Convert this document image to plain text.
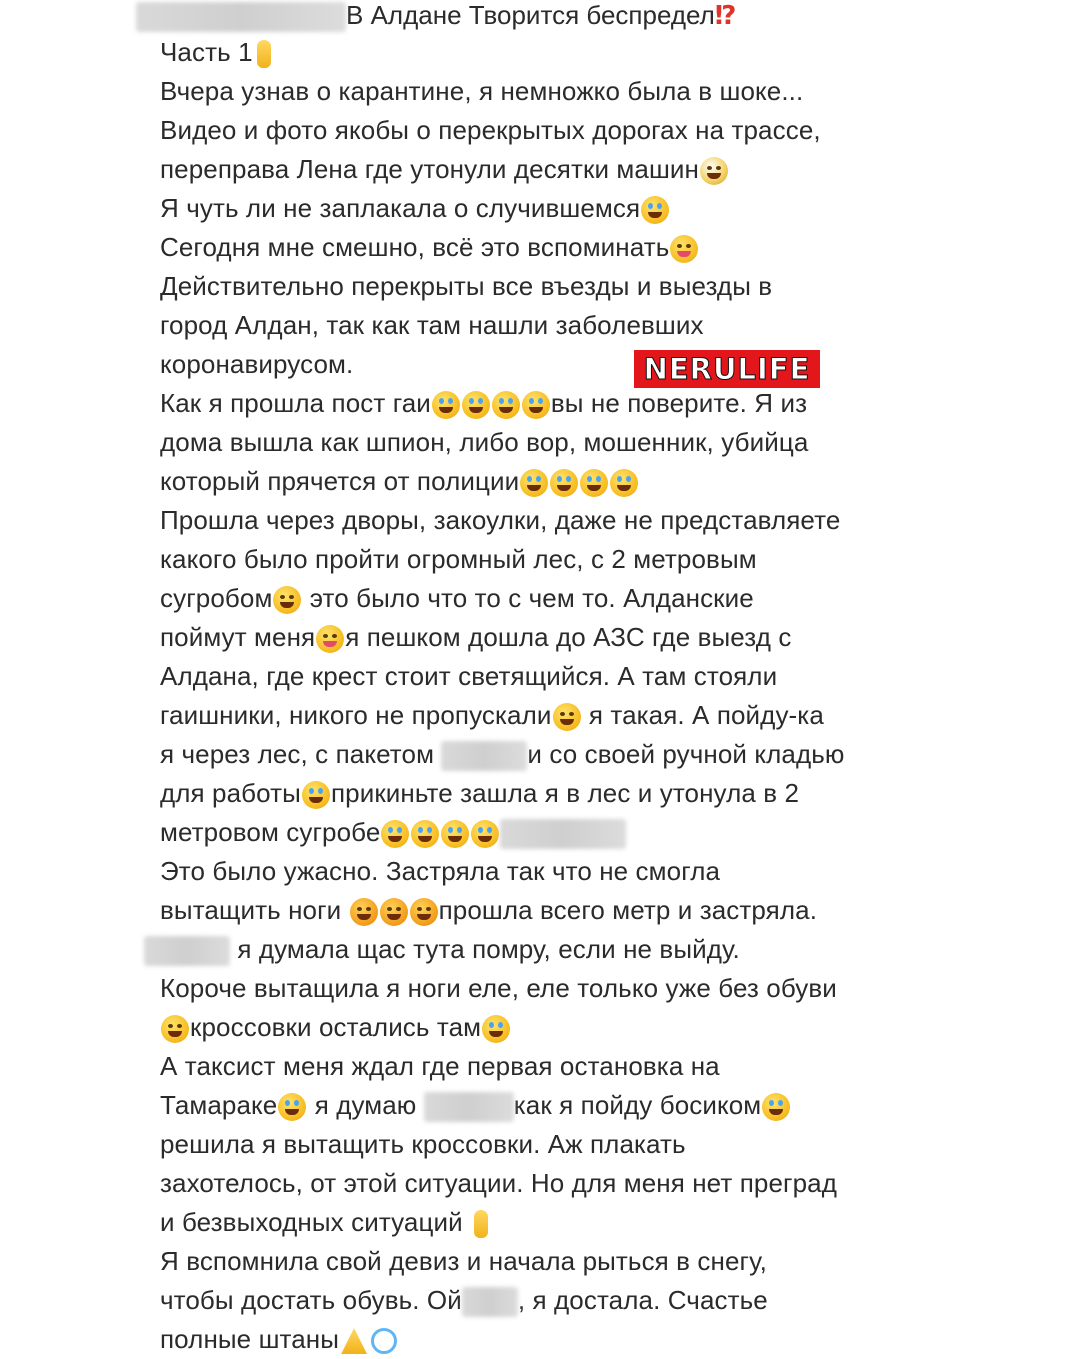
В Алдане Творится беспредел⁉
Часть 1
Вчера узнав о карантине, я немножко была в шоке...
Видео и фото якобы о перекрытых дорогах на трассе,
переправа Лена где утонули десятки машин
Я чуть ли не заплакала о случившемся
Сегодня мне смешно, всё это вспоминать
Действительно перекрыты все въезды и выезды в
город Алдан, так как там нашли заболевших
коронавирусом.
Как я прошла пост гаи	вы не поверите. Я из
дома вышла как шпион, либо вор, мошенник, убийца
который прячется от полиции
Прошла через дворы, закоулки, даже не представляете
какого было пройти огромный лес, с 2 метровым
сугробом это было что то с чем то. Алданские
поймут меня я пешком дошла до АЗС где выезд с
Алдана, где крест стоит светящийся. А там стояли
гаишники, никого не пропускали я такая. А пойду-ка
я через лес, с пакетом	и со своей ручной кладью
для работы прикиньте зашла я в лес и утонула в 2
метровом сугробе
Это было ужасно. Застряла так что не смогла
вытащить ноги	прошла всего метр и застряла.
я думала щас тута помру, если не выйду.
Короче вытащила я ноги еле, еле только уже без обуви
кроссовки остались там
А таксист меня ждал где первая остановка на
Тамараке я думаю	как я пойду босиком
решила я вытащить кроссовки. Аж плакать
захотелось, от этой ситуации. Но для меня нет преград
и безвыходных ситуаций
Я вспомнила свой девиз и начала рыться в снегу,
чтобы достать обувь. Ой , я достала. Счастье
полные штаны
NERULIFE
